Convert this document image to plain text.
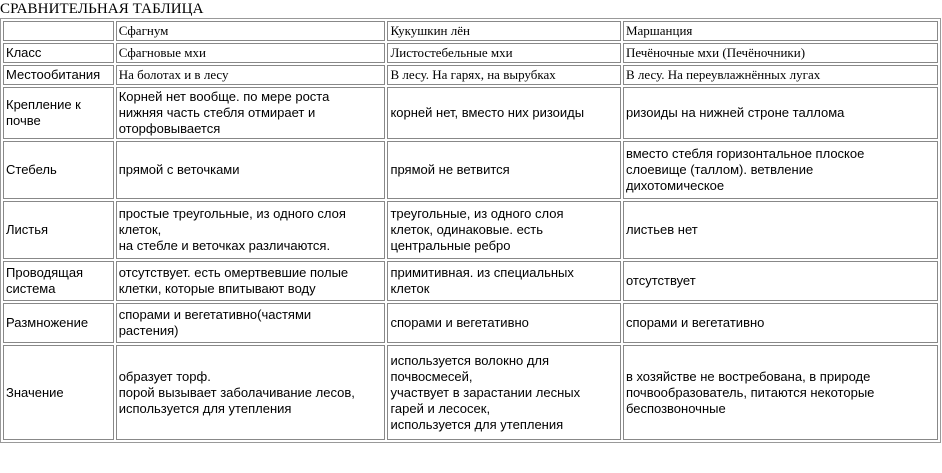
СРАВНИТЕЛЬНАЯ ТАБЛИЦА
	Сфагнум	Кукушкин лён	Маршанция

Класс	Сфагновые мхи	Листостебельные мхи	Печёночные мхи (Печёночники)

Местообитания	На болотах и в лесу	В лесу. На гарях, на вырубках	В лесу. На переувлажнённых лугах

Крепление к
почве	Корней нет вообще. по мере роста
нижняя часть стебля отмирает и
оторфовывается	корней нет, вместо них ризоиды	ризоиды на нижней строне таллома

Стебель	прямой с веточками	прямой не ветвится	вместо стебля горизонтальное плоское
слоевище (таллом). ветвление
дихотомическое

Листья	простые треугольные, из одного слоя
клеток,
на стебле и веточках различаются.	треугольные, из одного слоя
клеток, одинаковые. есть
центральные ребро	листьев нет

Проводящая
система	отсутствует. есть омертвевшие полые
клетки, которые впитывают воду	примитивная. из специальных
клеток	отсутствует

Размножение	спорами и вегетативно(частями
растения)	спорами и вегетативно	спорами и вегетативно

Значение	образует торф.
порой вызывает заболачивание лесов,
используется для утепления	используется волокно для
почвосмесей,
участвует в зарастании лесных
гарей и лесосек,
используется для утепления	в хозяйстве не востребована, в природе
почвообразователь, питаются некоторые
беспозвоночные
